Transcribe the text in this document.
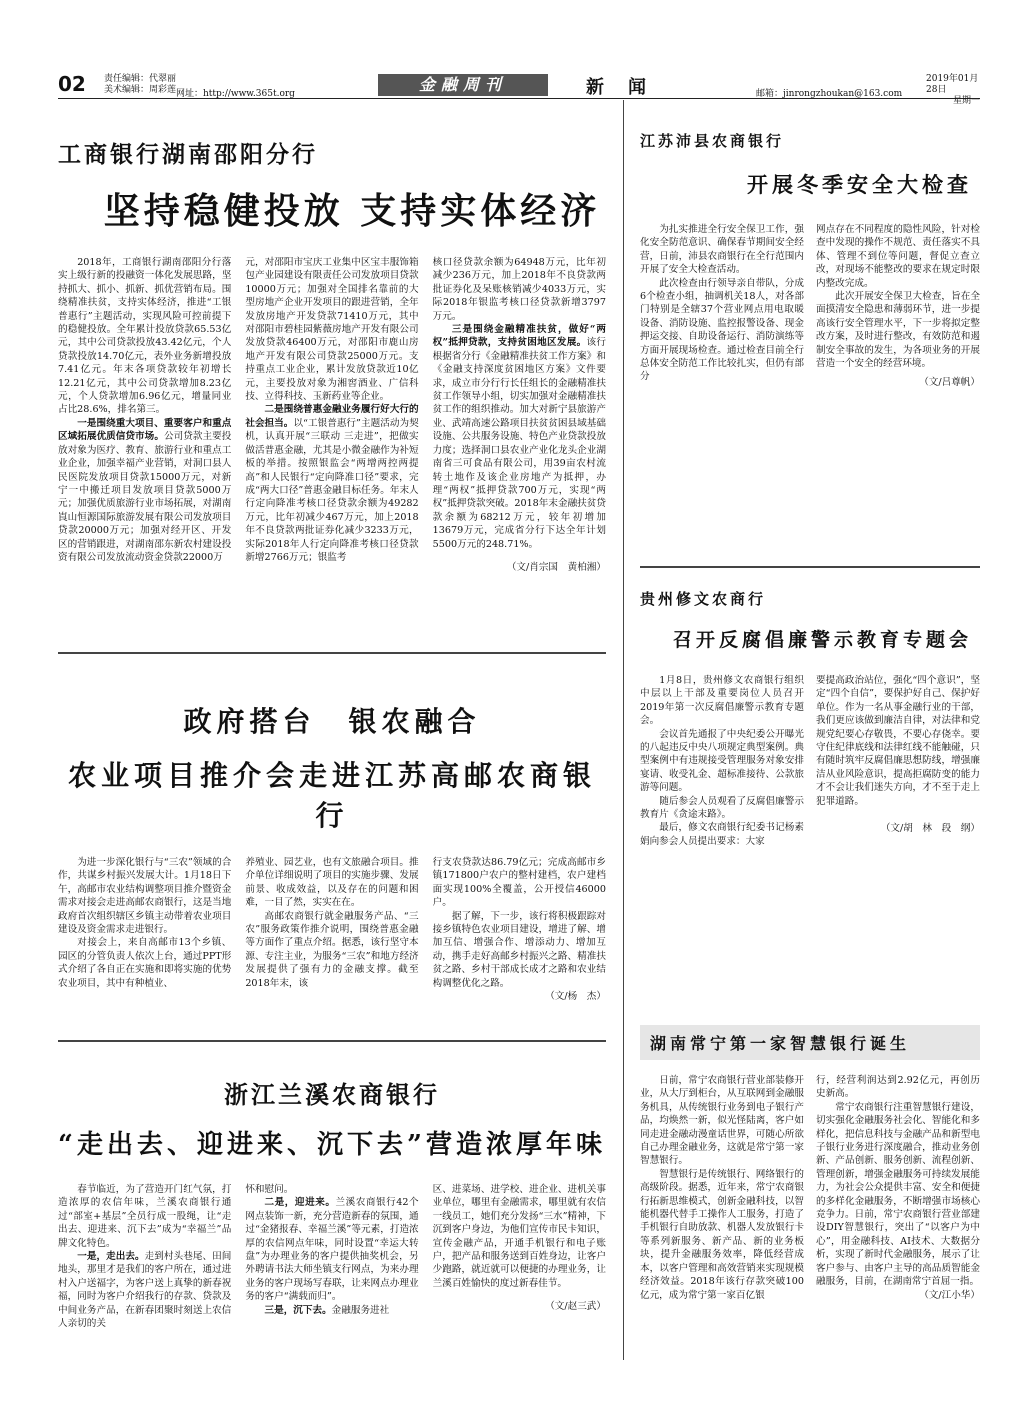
02 责任编辑：代翠丽
美术编辑：周彩莲 网址：http://www.365t.org	金融周刊	新闻	邮箱：jinrongzhoukan@163.com
2019年01月28日
星期一
工商银行湖南邵阳分行
坚持稳健投放 支持实体经济

2018年，工商银行湖南邵阳分行落实上级行新的投融资一体化发展思路，坚持抓大、抓小、抓新、抓优营销布局。围绕精准扶贫，支持实体经济，推进“工银普惠行”主题活动，实现风险可控前提下的稳健投放。全年累计投放贷款65.53亿元，其中公司贷款投放43.42亿元，个人贷款投放14.70亿元，表外业务新增投放7.41亿元。年末各项贷款较年初增长12.21亿元，其中公司贷款增加8.23亿元，个人贷款增加6.96亿元，增量同业占比28.6%，排名第三。

一是围绕重大项目、重要客户和重点区域拓展优质信贷市场。公司贷款主要投放对象为医疗、教育、旅游行业和重点工业企业，加强幸福产业营销，对洞口县人民医院发放项目贷款15000万元，对新宁一中搬迁项目发放项目贷款5000万元；加强优质旅游行业市场拓展，对湖南崀山恒源国际旅游发展有限公司发放项目贷款20000万元；加强对经开区、开发区的营销跟进，对湖南邵东新农村建设投资有限公司发放流动资金贷款22000万

元，对邵阳市宝庆工业集中区宝丰服饰箱包产业园建设有限责任公司发放项目贷款10000万元；加强对全国排名靠前的大型房地产企业开发项目的跟进营销，全年发放房地产开发贷款71410万元，其中对邵阳市碧桂园紫薇房地产开发有限公司发放贷款46400万元，对邵阳市鹿山房地产开发有限公司贷款25000万元。支持重点工业企业，累计发放贷款近10亿元，主要投放对象为湘窖酒业、广信科技、立得科技、玉新药业等企业。

二是围绕普惠金融业务履行好大行的社会担当。以“工银普惠行”主题活动为契机，认真开展“三联动 三走进”，把做实做活普惠金融，尤其是小微金融作为补短板的举措。按照银监会“两增两控两提高”和人民银行“定向降准口径”要求，完成“两大口径”普惠金融目标任务。年末人行定向降准考核口径贷款余额为49282万元，比年初减少467万元，加上2018年不良贷款两批证券化减少3233万元，实际2018年人行定向降准考核口径贷款新增2766万元；银监考

核口径贷款余额为64948万元，比年初减少236万元，加上2018年不良贷款两批证券化及呆账核销减少4033万元，实际2018年银监考核口径贷款新增3797万元。

三是围绕金融精准扶贫，做好“两权”抵押贷款，支持贫困地区发展。该行根据省分行《金融精准扶贫工作方案》和《金融支持深度贫困地区方案》文件要求，成立市分行行长任组长的金融精准扶贫工作领导小组，切实加强对金融精准扶贫工作的组织推动。加大对新宁县旅游产业、武靖高速公路项目扶贫贫困县域基础设施、公共服务设施、特色产业贷款投放力度；选择洞口县农业产业化龙头企业湖南省三可食品有限公司，用39亩农村流转土地作及该企业房地产为抵押，办理“两权”抵押贷款700万元，实现“两权”抵押贷款突破。2018年末金融扶贫贷款余额为68212万元，较年初增加13679万元，完成省分行下达全年计划5500万元的248.71%。

（文/肖宗国　黄柏湘）
政府搭台　银农融合
农业项目推介会走进江苏高邮农商银行

为进一步深化银行与“三农”领域的合作，共谋乡村振兴发展大计。1月18日下午，高邮市农业结构调整项目推介暨资金需求对接会走进高邮农商银行，这是当地政府首次组织辖区乡镇主动带着农业项目建设及资金需求走进银行。

对接会上，来自高邮市13个乡镇、园区的分管负责人依次上台，通过PPT形式介绍了各自正在实施和即将实施的优势农业项目，其中有种植业、

养殖业、园艺业，也有文旅融合项目。推介单位详细说明了项目的实施步骤、发展前景、收成效益，以及存在的问题和困难，一目了然，实实在在。

高邮农商银行就金融服务产品、“三农”服务政策作推介说明，围绕普惠金融等方面作了重点介绍。据悉，该行坚守本源、专注主业，为服务“三农”和地方经济发展提供了强有力的金融支撑。截至2018年末，该

行支农贷款达86.79亿元；完成高邮市乡镇171800户农户的整村建档，农户建档面实现100%全覆盖，公开授信46000户。

据了解，下一步，该行将积极跟踪对接乡镇特色农业项目建设，增进了解、增加互信、增强合作、增添动力、增加互动，携手走好高邮乡村振兴之路、精准扶贫之路、乡村干部成长成才之路和农业结构调整优化之路。

（文/杨　杰）
浙江兰溪农商银行
“走出去、迎进来、沉下去”营造浓厚年味

春节临近，为了营造开门红气氛，打造浓厚的农信年味，兰溪农商银行通过“部室+基层”全员行成一股绳，让“走出去、迎进来、沉下去”成为“幸福兰”品牌文化特色。

一是，走出去。走到村头巷尾、田间地头，那里才是我们的客户所在，通过进村入户送福字，为客户送上真挚的新春祝福，同时为客户介绍我行的存款、贷款及中间业务产品，在新春团聚时刻送上农信人亲切的关

怀和慰问。

二是，迎进来。兰溪农商银行42个网点装饰一新，充分营造新春的氛围，通过“金猪报春、幸福兰溪”等元素，打造浓厚的农信网点年味，同时设置“幸运大转盘”为办理业务的客户提供抽奖机会，另外聘请书法大师坐镇支行网点，为来办理业务的客户现场写春联，让来网点办理业务的客户“满载而归”。

三是，沉下去。金融服务进社

区、进菜场、进学校、进企业、进机关事业单位，哪里有金融需求，哪里就有农信一线员工，她们充分发扬“三水”精神，下沉到客户身边，为他们宣传市民卡知识，宣传金融产品，开通手机银行和电子账户，把产品和服务送到百姓身边，让客户少跑路，就近就可以便捷的办理业务，让兰溪百姓愉快的度过新春佳节。

（文/赵三武）
江苏沛县农商银行
开展冬季安全大检查

为扎实推进全行安全保卫工作，强化安全防范意识、确保春节期间安全经营，日前，沛县农商银行在全行范围内开展了安全大检查活动。

此次检查由行领导亲自带队，分成6个检查小组，抽调机关18人，对各部门特别是全辖37个营业网点用电取暖设备、消防设施、监控报警设备、现金押运交接、自助设备运行、消防演练等方面开展现场检查。通过检查目前全行总体安全防范工作比较扎实，但仍有部分

网点存在不同程度的隐性风险，针对检查中发现的操作不规范、责任落实不具体、管理不到位等问题，督促立查立改，对现场不能整改的要求在规定时限内整改完成。

此次开展安全保卫大检查，旨在全面摸清安全隐患和薄弱环节，进一步提高该行安全管理水平，下一步将拟定整改方案，及时进行整改，有效防范和遏制安全事故的发生，为各项业务的开展营造一个安全的经营环境。

（文/吕尊帆）
贵州修文农商行
召开反腐倡廉警示教育专题会

1月8日，贵州修文农商银行组织中层以上干部及重要岗位人员召开2019年第一次反腐倡廉警示教育专题会。

会议首先通报了中央纪委公开曝光的八起违反中央八项规定典型案例。典型案例中有违规接受管理服务对象安排宴请、收受礼金、超标准接待、公款旅游等问题。

随后参会人员观看了反腐倡廉警示教育片《贪途末路》。

最后，修文农商银行纪委书记杨素娟向参会人员提出要求：大家

要提高政治站位，强化“四个意识”，坚定“四个自信”，要保护好自己、保护好单位。作为一名从事金融行业的干部，我们更应该做到廉洁自律，对法律和党规党纪要心存敬畏，不要心存侥幸。要守住纪律底线和法律红线不能触碰，只有随时筑牢反腐倡廉思想防线，增强廉洁从业风险意识，提高拒腐防变的能力才不会让我们迷失方向，才不至于走上犯罪道路。

（文/胡　林　段　纲）
湖南常宁第一家智慧银行诞生

日前，常宁农商银行营业部装修开业，从大厅到柜台，从互联网到金融服务机具，从传统银行业务到电子银行产品，均焕然一新，似光怪陆离，客户如同走进金融动漫童话世界，可随心所欲自己办理金融业务，这就是常宁第一家智慧银行。

智慧银行是传统银行、网络银行的高级阶段。据悉，近年来，常宁农商银行拓新思维模式，创新金融科技，以智能机器代替手工操作人工服务，打造了手机银行自助放款、机器人发放银行卡等系列新服务、新产品、新的业务板块，提升金融服务效率，降低经营成本，以客户管理和高效营销来实现规模经济效益。2018年该行存款突破100亿元，成为常宁第一家百亿银

行，经营利润达到2.92亿元，再创历史新高。

常宁农商银行注重智慧银行建设，切实强化金融服务社会化、智能化和多样化，把信息科技与金融产品和新型电子银行业务进行深度融合，推动业务创新、产品创新、服务创新、流程创新、管理创新，增强金融服务可持续发展能力，为社会公众提供丰富、安全和便捷的多样化金融服务，不断增强市场核心竞争力。日前，常宁农商银行营业部建设DIY智慧银行，突出了“以客户为中心”，用金融科技、AI技术、大数据分析，实现了新时代金融服务，展示了让客户参与、由客户主导的高品质智能金融服务，目前，在湖南常宁首屈一指。

（文/江小华）
